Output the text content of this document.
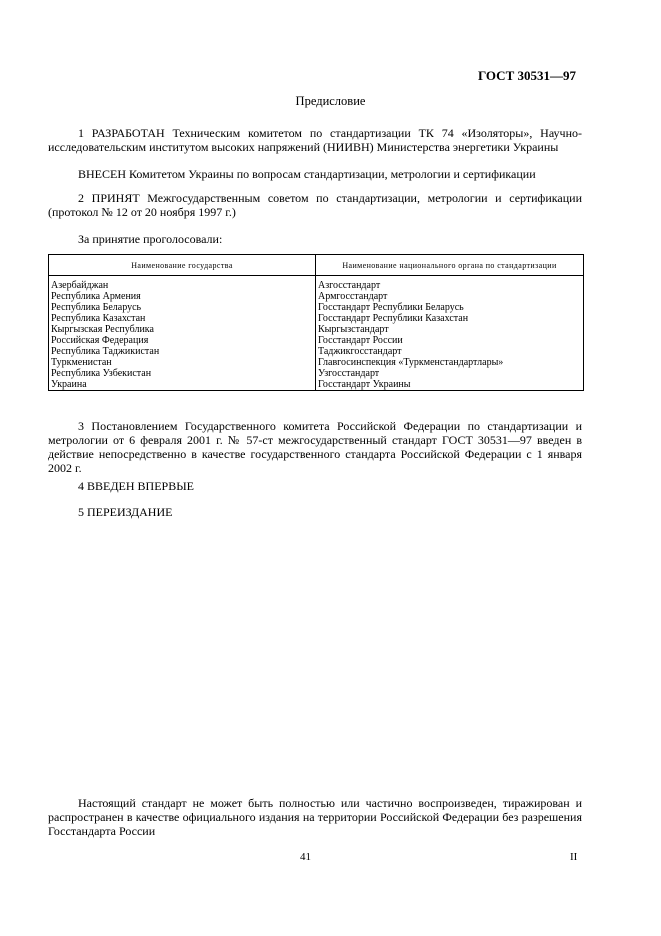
ГОСТ 30531—97
Предисловие
1 РАЗРАБОТАН Техническим комитетом по стандартизации ТК 74 «Изоляторы», Научно-исследовательским институтом высоких напряжений (НИИВН) Министерства энергетики Украины
ВНЕСЕН Комитетом Украины по вопросам стандартизации, метрологии и сертификации
2 ПРИНЯТ Межгосударственным советом по стандартизации, метрологии и сертификации (протокол № 12 от 20 ноября 1997 г.)
За принятие проголосовали:
Наименование государства	Наименование национального органа по стандартизации
Азербайджан	Азгосстандарт
Республика Армения	Армгосстандарт
Республика Беларусь	Госстандарт Республики Беларусь
Республика Казахстан	Госстандарт Республики Казахстан
Кыргызская Республика	Кыргызстандарт
Российская Федерация	Госстандарт России
Республика Таджикистан	Таджикгосстандарт
Туркменистан	Главгосинспекция «Туркменстандартлары»
Республика Узбекистан	Узгосстандарт
Украина	Госстандарт Украины
3 Постановлением Государственного комитета Российской Федерации по стандартизации и метрологии от 6 февраля 2001 г. № 57-ст межгосударственный стандарт ГОСТ 30531—97 введен в действие непосредственно в качестве государственного стандарта Российской Федерации с 1 января 2002 г.
4 ВВЕДЕН ВПЕРВЫЕ
5 ПЕРЕИЗДАНИЕ
Настоящий стандарт не может быть полностью или частично воспроизведен, тиражирован и распространен в качестве официального издания на территории Российской Федерации без разрешения Госстандарта России
41	II
